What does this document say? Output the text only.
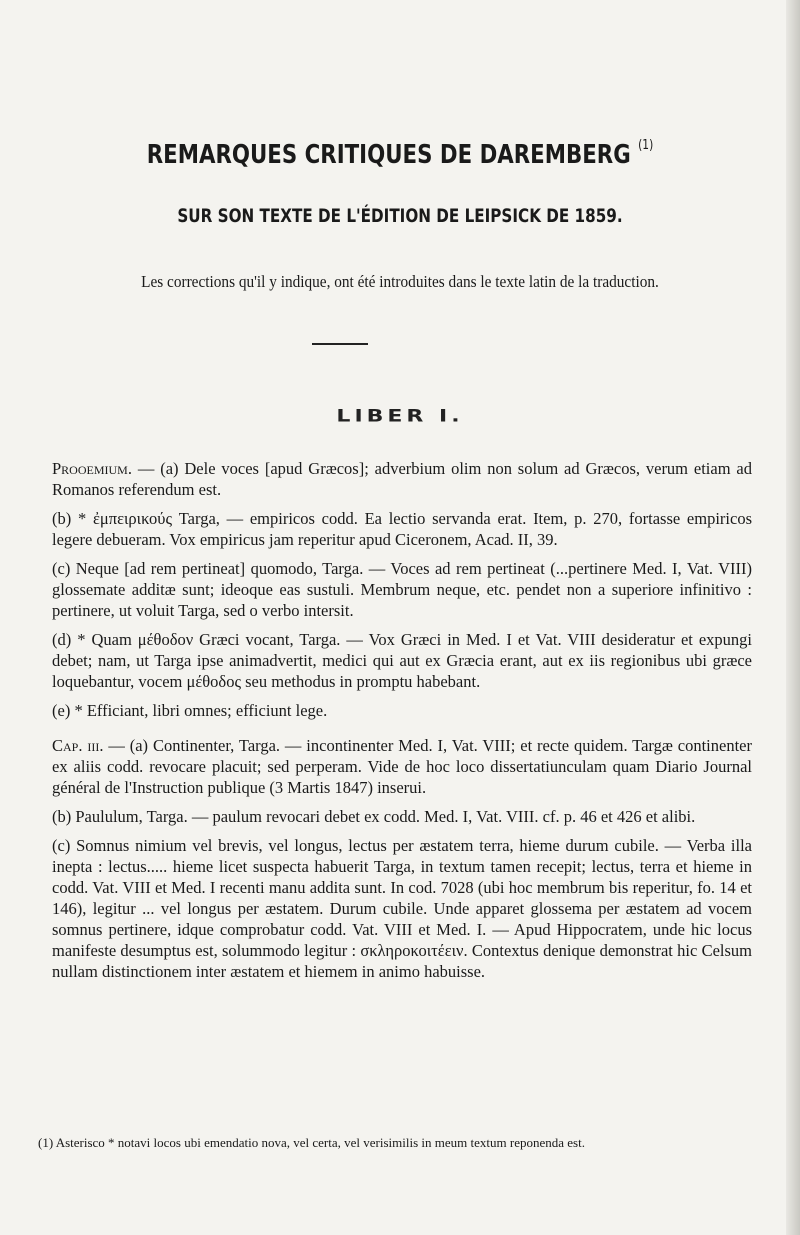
REMARQUES CRITIQUES DE DAREMBERG $^{(1)}$
SUR SON TEXTE DE L'ÉDITION DE LEIPSICK DE 1859.
Les corrections qu'il y indique, ont été introduites dans le texte latin de la traduction.
LIBER I.

Prooemium. — (a) Dele voces [apud Græcos]; adverbium olim non solum ad Græcos, verum etiam ad Romanos referendum est.

(b) * ἐμπειρικούς Targa, — empiricos codd. Ea lectio servanda erat. Item, p. 270, fortasse empiricos legere debueram. Vox empiricus jam reperitur apud Ciceronem, Acad. II, 39.

(c) Neque [ad rem pertineat] quomodo, Targa. — Voces ad rem pertineat (...pertinere Med. I, Vat. VIII) glossemate additæ sunt; ideoque eas sustuli. Membrum neque, etc. pendet non a superiore infinitivo : pertinere, ut voluit Targa, sed o verbo intersit.

(d) * Quam μέθοδον Græci vocant, Targa. — Vox Græci in Med. I et Vat. VIII desideratur et expungi debet; nam, ut Targa ipse animadvertit, medici qui aut ex Græcia erant, aut ex iis regionibus ubi græce loquebantur, vocem μέθοδος seu methodus in promptu habebant.

(e) * Efficiant, libri omnes; efficiunt lege.

Cap. iii. — (a) Continenter, Targa. — incontinenter Med. I, Vat. VIII; et recte quidem. Targæ continenter ex aliis codd. revocare placuit; sed perperam. Vide de hoc loco dissertatiunculam quam Diario Journal général de l'Instruction publique (3 Martis 1847) inserui.

(b) Paululum, Targa. — paulum revocari debet ex codd. Med. I, Vat. VIII. cf. p. 46 et 426 et alibi.

(c) Somnus nimium vel brevis, vel longus, lectus per æstatem terra, hieme durum cubile. — Verba illa inepta : lectus..... hieme licet suspecta habuerit Targa, in textum tamen recepit; lectus, terra et hieme in codd. Vat. VIII et Med. I recenti manu addita sunt. In cod. 7028 (ubi hoc membrum bis reperitur, fo. 14 et 146), legitur ... vel longus per æstatem. Durum cubile. Unde apparet glossema per æstatem ad vocem somnus pertinere, idque comprobatur codd. Vat. VIII et Med. I. — Apud Hippocratem, unde hic locus manifeste desumptus est, solummodo legitur : σκληροκοιτέειν. Contextus denique demonstrat hic Celsum nullam distinctionem inter æstatem et hiemem in animo habuisse.

(1) Asterisco * notavi locos ubi emendatio nova, vel certa, vel verisimilis in meum textum reponenda est.
